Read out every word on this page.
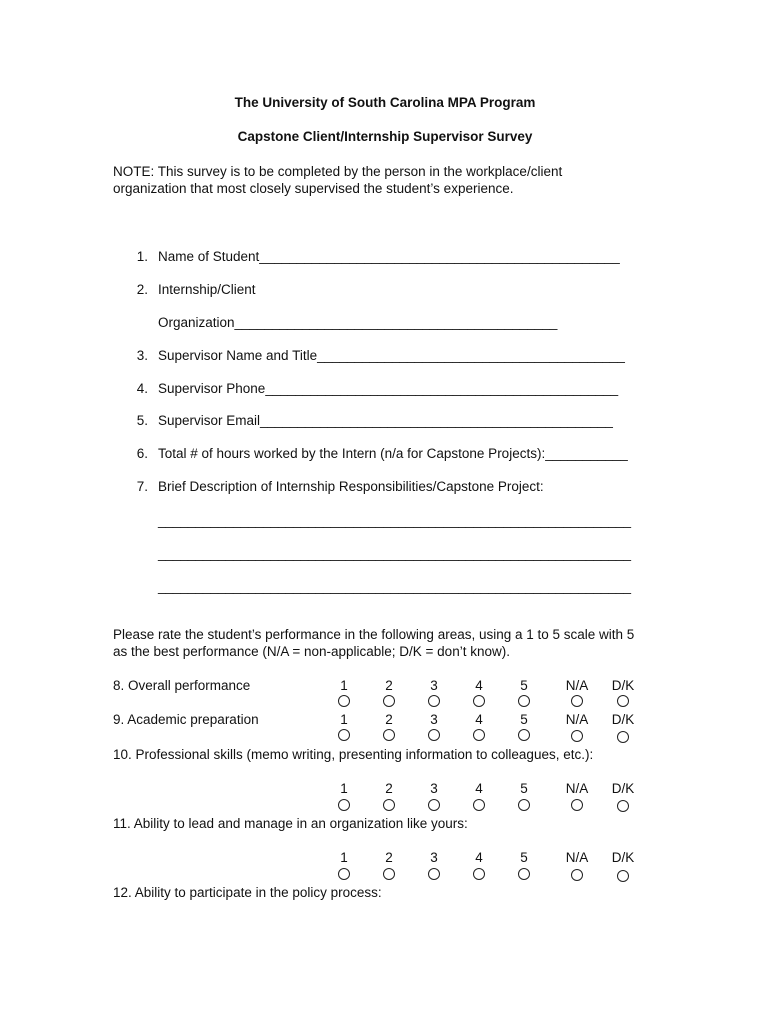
The University of South Carolina MPA Program
Capstone Client/Internship Supervisor Survey
NOTE: This survey is to be completed by the person in the workplace/client
organization that most closely supervised the student’s experience.
1. Name of Student________________________________________________
2. Internship/Client
Organization___________________________________________
3. Supervisor Name and Title_________________________________________
4. Supervisor Phone_______________________________________________
5. Supervisor Email_______________________________________________
6. Total # of hours worked by the Intern (n/a for Capstone Projects):___________
7. Brief Description of Internship Responsibilities/Capstone Project:
_______________________________________________________________
_______________________________________________________________
_______________________________________________________________
Please rate the student’s performance in the following areas, using a 1 to 5 scale with 5
as the best performance (N/A = non-applicable; D/K = don’t know).
8. Overall performance	1	2	3	4	5	N/A	D/K
9. Academic preparation	1	2	3	4	5	N/A	D/K
10. Professional skills (memo writing, presenting information to colleagues, etc.):
1	2	3	4	5	N/A	D/K
11. Ability to lead and manage in an organization like yours:
1	2	3	4	5	N/A	D/K
12. Ability to participate in the policy process:
